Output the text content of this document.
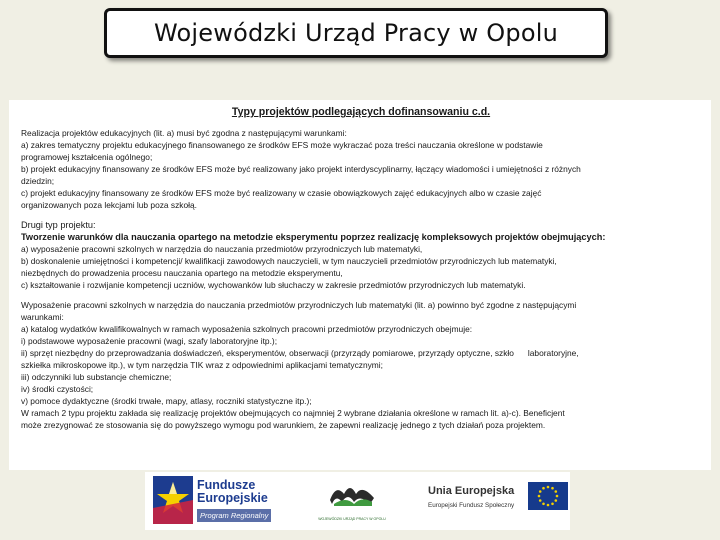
Wojewódzki Urząd Pracy w Opolu
Typy projektów podlegających dofinansowaniu c.d.
Realizacja projektów edukacyjnych (lit. a) musi być zgodna z następującymi warunkami:
a) zakres tematyczny projektu edukacyjnego finansowanego ze środków EFS może wykraczać poza treści nauczania określone w podstawie
programowej kształcenia ogólnego;
b) projekt edukacyjny finansowany ze środków EFS może być realizowany jako projekt interdyscyplinarny, łączący wiadomości i umiejętności z różnych
dziedzin;
c) projekt edukacyjny finansowany ze środków EFS może być realizowany w czasie obowiązkowych zajęć edukacyjnych albo w czasie zajęć
organizowanych poza lekcjami lub poza szkołą.
Drugi typ projektu:
Tworzenie warunków dla nauczania opartego na metodzie eksperymentu poprzez realizację kompleksowych projektów obejmujących:
a) wyposażenie pracowni szkolnych w narzędzia do nauczania przedmiotów przyrodniczych lub matematyki,
b) doskonalenie umiejętności i kompetencji/ kwalifikacji zawodowych nauczycieli, w tym nauczycieli przedmiotów przyrodniczych lub matematyki,
niezbędnych do prowadzenia procesu nauczania opartego na metodzie eksperymentu,
c) kształtowanie i rozwijanie kompetencji uczniów, wychowanków lub słuchaczy w zakresie przedmiotów przyrodniczych lub matematyki.
Wyposażenie pracowni szkolnych w narzędzia do nauczania przedmiotów przyrodniczych lub matematyki (lit. a) powinno być zgodne z następującymi
warunkami:
a) katalog wydatków kwalifikowalnych w ramach wyposażenia szkolnych pracowni przedmiotów przyrodniczych obejmuje:
i) podstawowe wyposażenie pracowni (wagi, szafy laboratoryjne itp.);
ii) sprzęt niezbędny do przeprowadzania doświadczeń, eksperymentów, obserwacji (przyrządy pomiarowe, przyrządy optyczne, szkło      laboratoryjne,
szkiełka mikroskopowe itp.), w tym narzędzia TIK wraz z odpowiednimi aplikacjami tematycznymi;
iii) odczynniki lub substancje chemiczne;
iv) środki czystości;
v) pomoce dydaktyczne (środki trwałe, mapy, atlasy, roczniki statystyczne itp.);
W ramach 2 typu projektu zakłada się realizację projektów obejmujących co najmniej 2 wybrane działania określone w ramach lit. a)-c). Beneficjent
może zrezygnować ze stosowania się do powyższego wymogu pod warunkiem, że zapewni realizację jednego z tych działań poza projektem.
Fundusze
Europejskie
Program Regionalny	WOJEWÓDZKI URZĄD PRACY W OPOLU
Unia Europejska
Europejski Fundusz Społeczny
